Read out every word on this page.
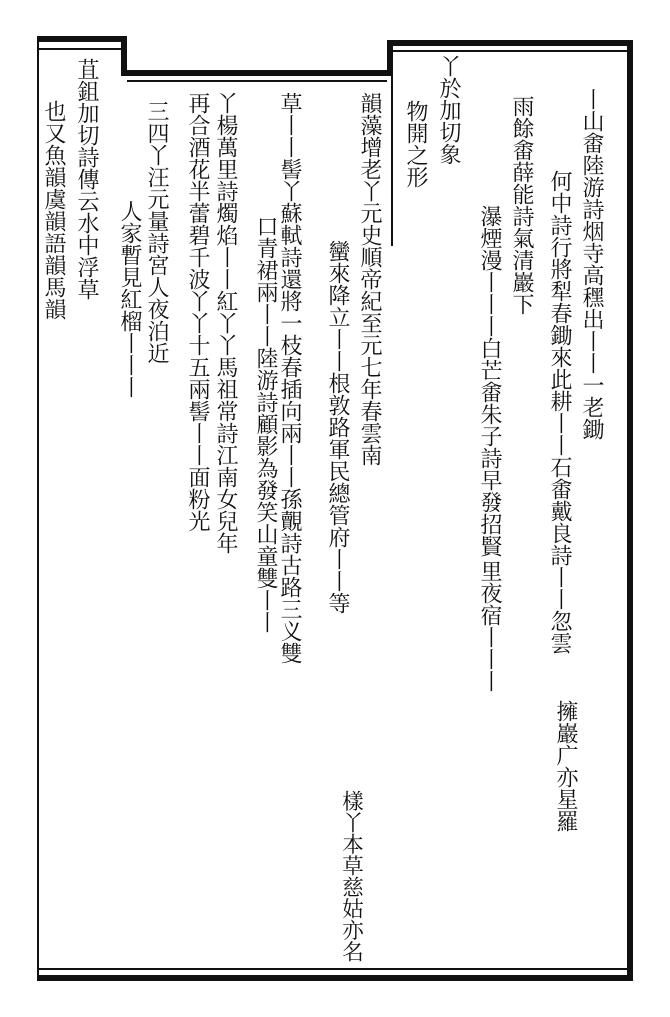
丨山畬陸游詩烟寺高䆀出丨丨一老鋤
何中詩行將犁春鋤來此耕丨丨石畬戴良詩丨丨忽雲
擁巖广亦星羅
雨餘畬薛能詩氣清巖下
瀑煙漫丨丨丨白芒畬朱子詩早發招賢
里夜宿丨丨丨
丫於加切象
物開之形
韻藻增老丫元史順帝紀至元七年春雲南
蠻來降立丨丨根敦路軍民總管府丨丨等
樣丫本草慈姑亦名
草丨丨髻丫蘇軾詩還將一枝春插向兩丨丨孫覿詩古路三义雙
口青裙兩丨丨陸游詩顧影為發笑山童雙丨丨
丫楊萬里詩燭焰丨丨紅丫丫馬祖常詩江南女兒年
再合酒花半蕾碧千波丫丫十五兩髻丨丨面粉光
三四丫汪元量詩宮人夜泊近
人家暫見紅榴丨丨丨
苴鉏加切詩傳云水中浮草
也又魚韻虞韻語韻馬韻
